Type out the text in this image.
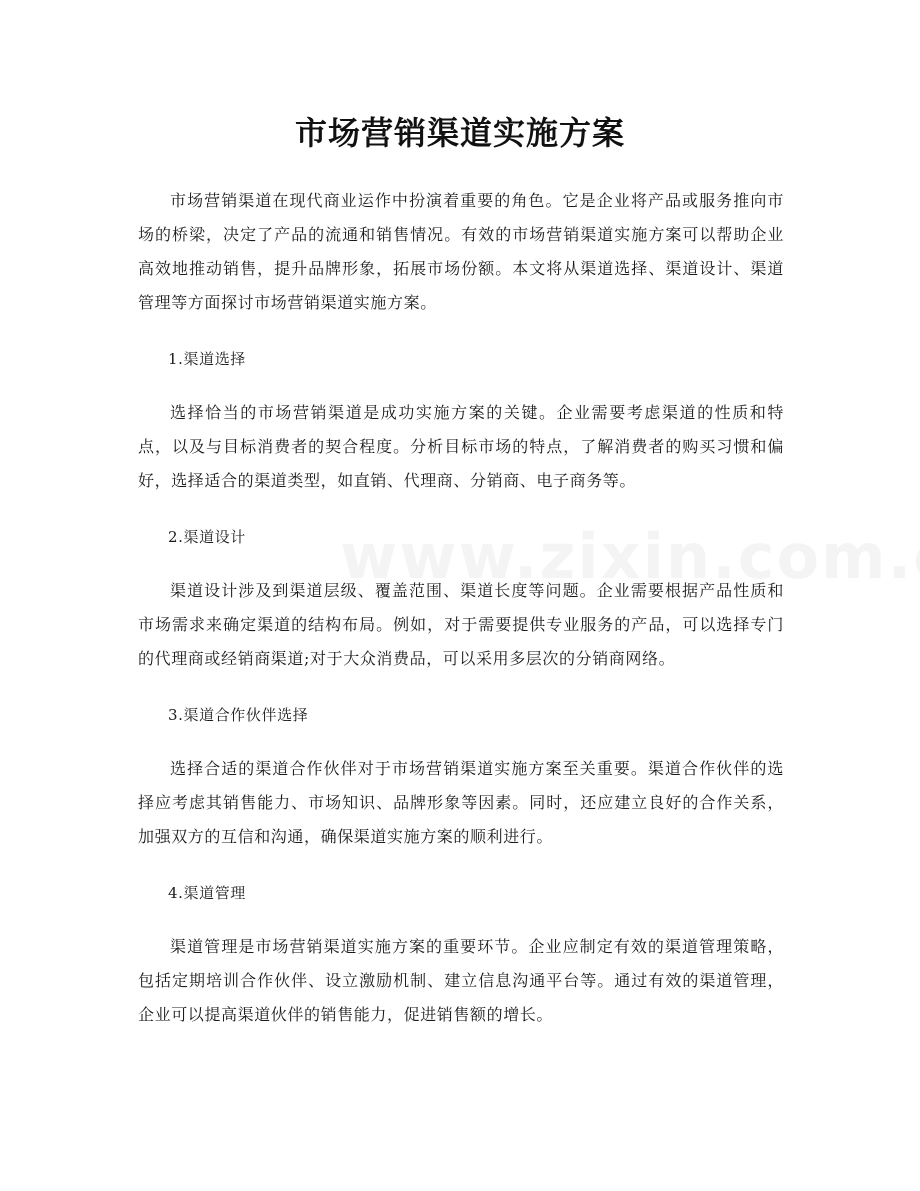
市场营销渠道实施方案

市场营销渠道在现代商业运作中扮演着重要的角色。它是企业将产品或服务推向市场的桥梁，决定了产品的流通和销售情况。有效的市场营销渠道实施方案可以帮助企业高效地推动销售，提升品牌形象，拓展市场份额。本文将从渠道选择、渠道设计、渠道管理等方面探讨市场营销渠道实施方案。

1.渠道选择

选择恰当的市场营销渠道是成功实施方案的关键。企业需要考虑渠道的性质和特点，以及与目标消费者的契合程度。分析目标市场的特点，了解消费者的购买习惯和偏好，选择适合的渠道类型，如直销、代理商、分销商、电子商务等。

2.渠道设计

渠道设计涉及到渠道层级、覆盖范围、渠道长度等问题。企业需要根据产品性质和市场需求来确定渠道的结构布局。例如，对于需要提供专业服务的产品，可以选择专门的代理商或经销商渠道;对于大众消费品，可以采用多层次的分销商网络。

3.渠道合作伙伴选择

选择合适的渠道合作伙伴对于市场营销渠道实施方案至关重要。渠道合作伙伴的选择应考虑其销售能力、市场知识、品牌形象等因素。同时，还应建立良好的合作关系，加强双方的互信和沟通，确保渠道实施方案的顺利进行。

4.渠道管理

渠道管理是市场营销渠道实施方案的重要环节。企业应制定有效的渠道管理策略，包括定期培训合作伙伴、设立激励机制、建立信息沟通平台等。通过有效的渠道管理，企业可以提高渠道伙伴的销售能力，促进销售额的增长。
